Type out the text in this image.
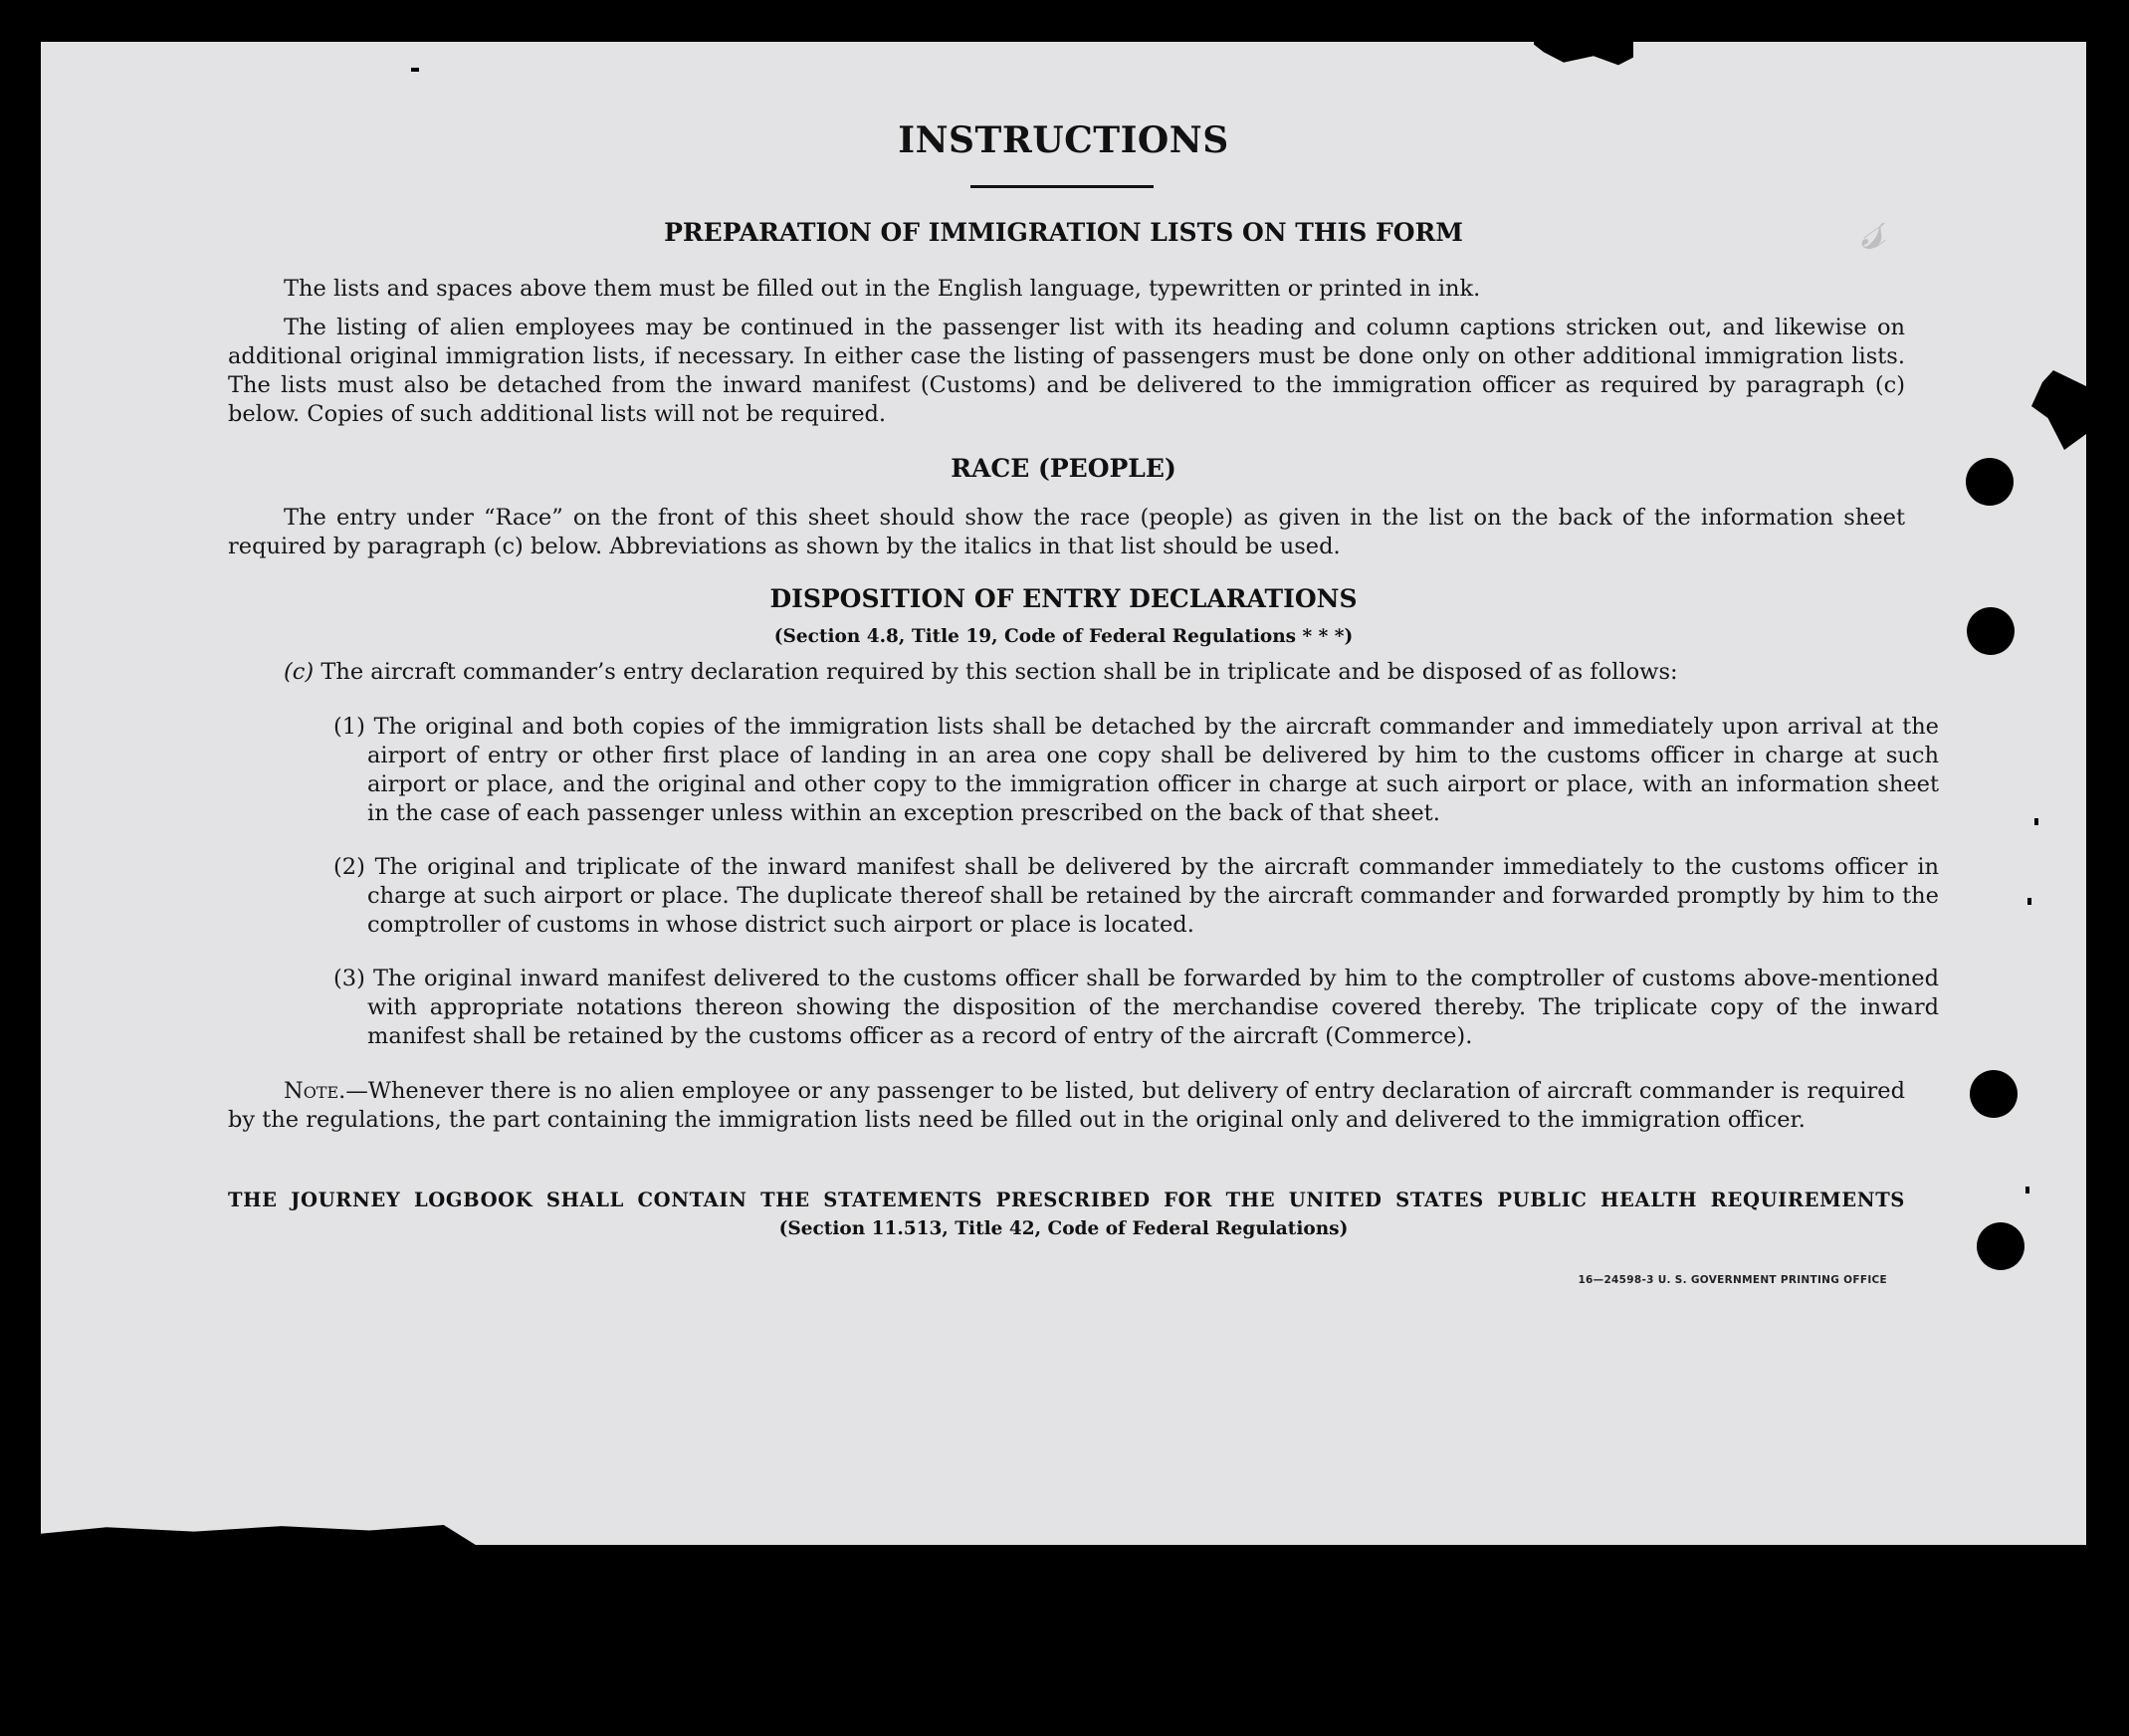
𝓈
INSTRUCTIONS
PREPARATION OF IMMIGRATION LISTS ON THIS FORM

The lists and spaces above them must be filled out in the English language, typewritten or printed in ink.

The listing of alien employees may be continued in the passenger list with its heading and column captions stricken out, and likewise on additional original immigration lists, if necessary. In either case the listing of passengers must be done only on other additional immigration lists. The lists must also be detached from the inward manifest (Customs) and be delivered to the immigration officer as required by paragraph (c) below. Copies of such additional lists will not be required.

RACE (PEOPLE)

The entry under “Race” on the front of this sheet should show the race (people) as given in the list on the back of the information sheet required by paragraph (c) below. Abbreviations as shown by the italics in that list should be used.

DISPOSITION OF ENTRY DECLARATIONS

(Section 4.8, Title 19, Code of Federal Regulations * * *)

(c) The aircraft commander’s entry declaration required by this section shall be in triplicate and be disposed of as follows:

(1) The original and both copies of the immigration lists shall be detached by the aircraft commander and immediately upon arrival at the airport of entry or other first place of landing in an area one copy shall be delivered by him to the customs officer in charge at such airport or place, and the original and other copy to the immigration officer in charge at such airport or place, with an information sheet in the case of each passenger unless within an exception prescribed on the back of that sheet.

(2) The original and triplicate of the inward manifest shall be delivered by the aircraft commander immediately to the customs officer in charge at such airport or place. The duplicate thereof shall be retained by the aircraft commander and forwarded promptly by him to the comptroller of customs in whose district such airport or place is located.

(3) The original inward manifest delivered to the customs officer shall be forwarded by him to the comptroller of customs above-mentioned with appropriate notations thereon showing the disposition of the merchandise covered thereby. The triplicate copy of the inward manifest shall be retained by the customs officer as a record of entry of the aircraft (Commerce).

Note.—Whenever there is no alien employee or any passenger to be listed, but delivery of entry declaration of aircraft commander is required by the regulations, the part containing the immigration lists need be filled out in the original only and delivered to the immigration officer.

THE JOURNEY LOGBOOK SHALL CONTAIN THE STATEMENTS PRESCRIBED FOR THE UNITED STATES PUBLIC HEALTH REQUIREMENTS

(Section 11.513, Title 42, Code of Federal Regulations)

16—24598-3 U. S. GOVERNMENT PRINTING OFFICE
